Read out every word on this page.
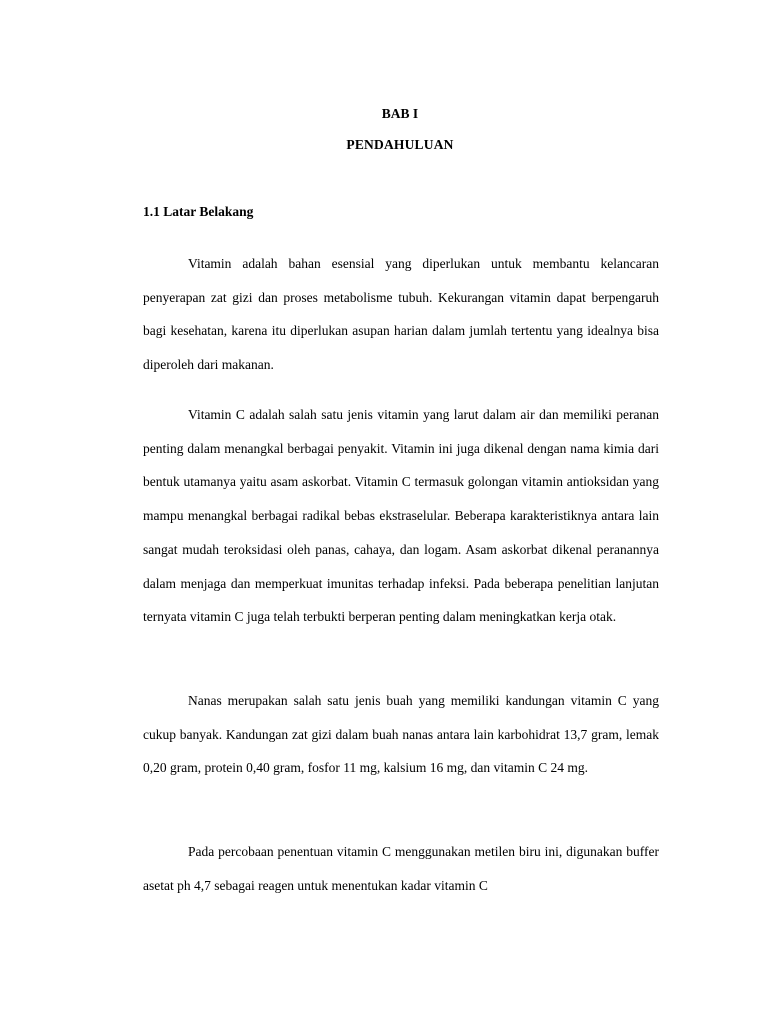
BAB I
PENDAHULUAN
1.1 Latar Belakang

Vitamin adalah bahan esensial yang diperlukan untuk membantu kelancaran penyerapan zat gizi dan proses metabolisme tubuh. Kekurangan vitamin dapat berpengaruh bagi kesehatan, karena itu diperlukan asupan harian dalam jumlah tertentu yang idealnya bisa diperoleh dari makanan.

Vitamin C adalah salah satu jenis vitamin yang larut dalam air dan memiliki peranan penting dalam menangkal berbagai penyakit. Vitamin ini juga dikenal dengan nama kimia dari bentuk utamanya yaitu asam askorbat. Vitamin C termasuk golongan vitamin antioksidan yang mampu menangkal berbagai radikal bebas ekstraselular. Beberapa karakteristiknya antara lain sangat mudah teroksidasi oleh panas, cahaya, dan logam. Asam askorbat dikenal peranannya dalam menjaga dan memperkuat imunitas terhadap infeksi. Pada beberapa penelitian lanjutan ternyata vitamin C juga telah terbukti berperan penting dalam meningkatkan kerja otak.

Nanas merupakan salah satu jenis buah yang memiliki kandungan vitamin C yang cukup banyak. Kandungan zat gizi dalam buah nanas antara lain karbohidrat 13,7 gram, lemak 0,20 gram, protein 0,40 gram, fosfor 11 mg, kalsium 16 mg, dan vitamin C 24 mg.

Pada percobaan penentuan vitamin C menggunakan metilen biru ini, digunakan buffer asetat ph 4,7 sebagai reagen untuk menentukan kadar vitamin C
